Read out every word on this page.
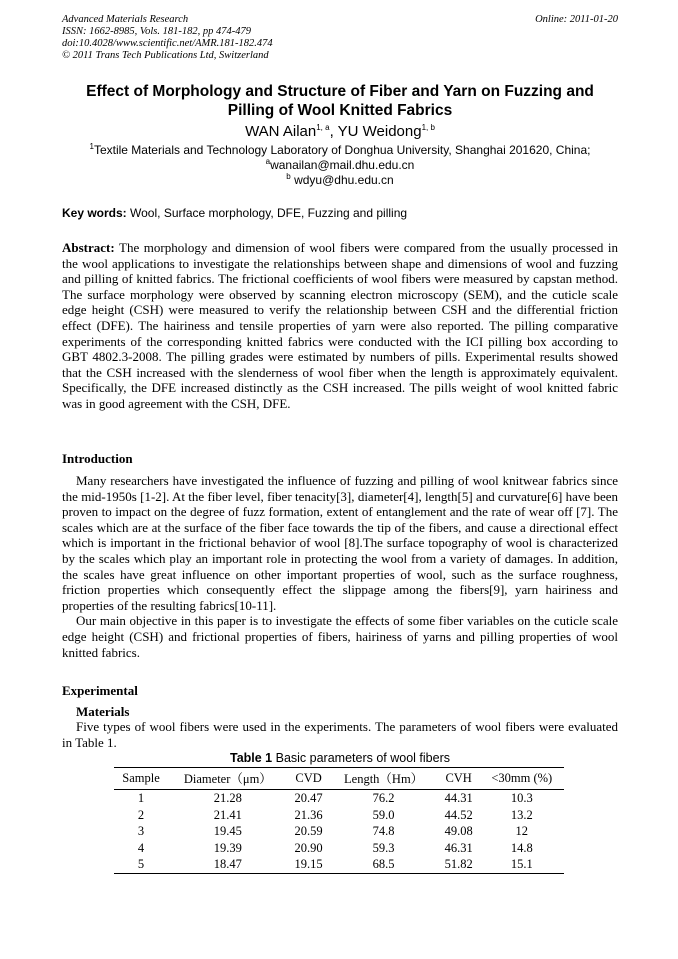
Advanced Materials Research
ISSN: 1662-8985, Vols. 181-182, pp 474-479
doi:10.4028/www.scientific.net/AMR.181-182.474
© 2011 Trans Tech Publications Ltd, Switzerland
Online: 2011-01-20
Effect of Morphology and Structure of Fiber and Yarn on Fuzzing and
Pilling of Wool Knitted Fabrics
WAN Ailan$^{1, a}$, YU Weidong$^{1, b}$
$^1$Textile Materials and Technology Laboratory of Donghua University, Shanghai 201620, China;
$^a$wanailan@mail.dhu.edu.cn
$^b$ wdyu@dhu.edu.cn
Key words: Wool, Surface morphology, DFE, Fuzzing and pilling
Abstract: The morphology and dimension of wool fibers were compared from the usually processed in the wool applications to investigate the relationships between shape and dimensions of wool and fuzzing and pilling of knitted fabrics. The frictional coefficients of wool fibers were measured by capstan method. The surface morphology were observed by scanning electron microscopy (SEM), and the cuticle scale edge height (CSH) were measured to verify the relationship between CSH and the differential friction effect (DFE). The hairiness and tensile properties of yarn were also reported. The pilling comparative experiments of the corresponding knitted fabrics were conducted with the ICI pilling box according to GBT 4802.3-2008. The pilling grades were estimated by numbers of pills. Experimental results showed that the CSH increased with the slenderness of wool fiber when the length is approximately equivalent. Specifically, the DFE increased distinctly as the CSH increased. The pills weight of wool knitted fabric was in good agreement with the CSH, DFE.
Introduction

Many researchers have investigated the influence of fuzzing and pilling of wool knitwear fabrics since the mid-1950s [1-2]. At the fiber level, fiber tenacity[3], diameter[4], length[5] and curvature[6] have been proven to impact on the degree of fuzz formation, extent of entanglement and the rate of wear off [7]. The scales which are at the surface of the fiber face towards the tip of the fibers, and cause a directional effect which is important in the frictional behavior of wool [8].The surface topography of wool is characterized by the scales which play an important role in protecting the wool from a variety of damages. In addition, the scales have great influence on other important properties of wool, such as the surface roughness, friction properties which consequently effect the slippage among the fibers[9], yarn hairiness and properties of the resulting fabrics[10-11].

Our main objective in this paper is to investigate the effects of some fiber variables on the cuticle scale edge height (CSH) and frictional properties of fibers, hairiness of yarns and pilling properties of wool knitted fabrics.

Experimental
Materials

Five types of wool fibers were used in the experiments. The parameters of wool fibers were evaluated in Table 1.

Table 1 Basic parameters of wool fibers
Sample	Diameter（μm）	CVD	Length（Hm）	CVH	<30mm (%)
1	21.28	20.47	76.2	44.31	10.3
2	21.41	21.36	59.0	44.52	13.2
3	19.45	20.59	74.8	49.08	12
4	19.39	20.90	59.3	46.31	14.8
5	18.47	19.15	68.5	51.82	15.1
